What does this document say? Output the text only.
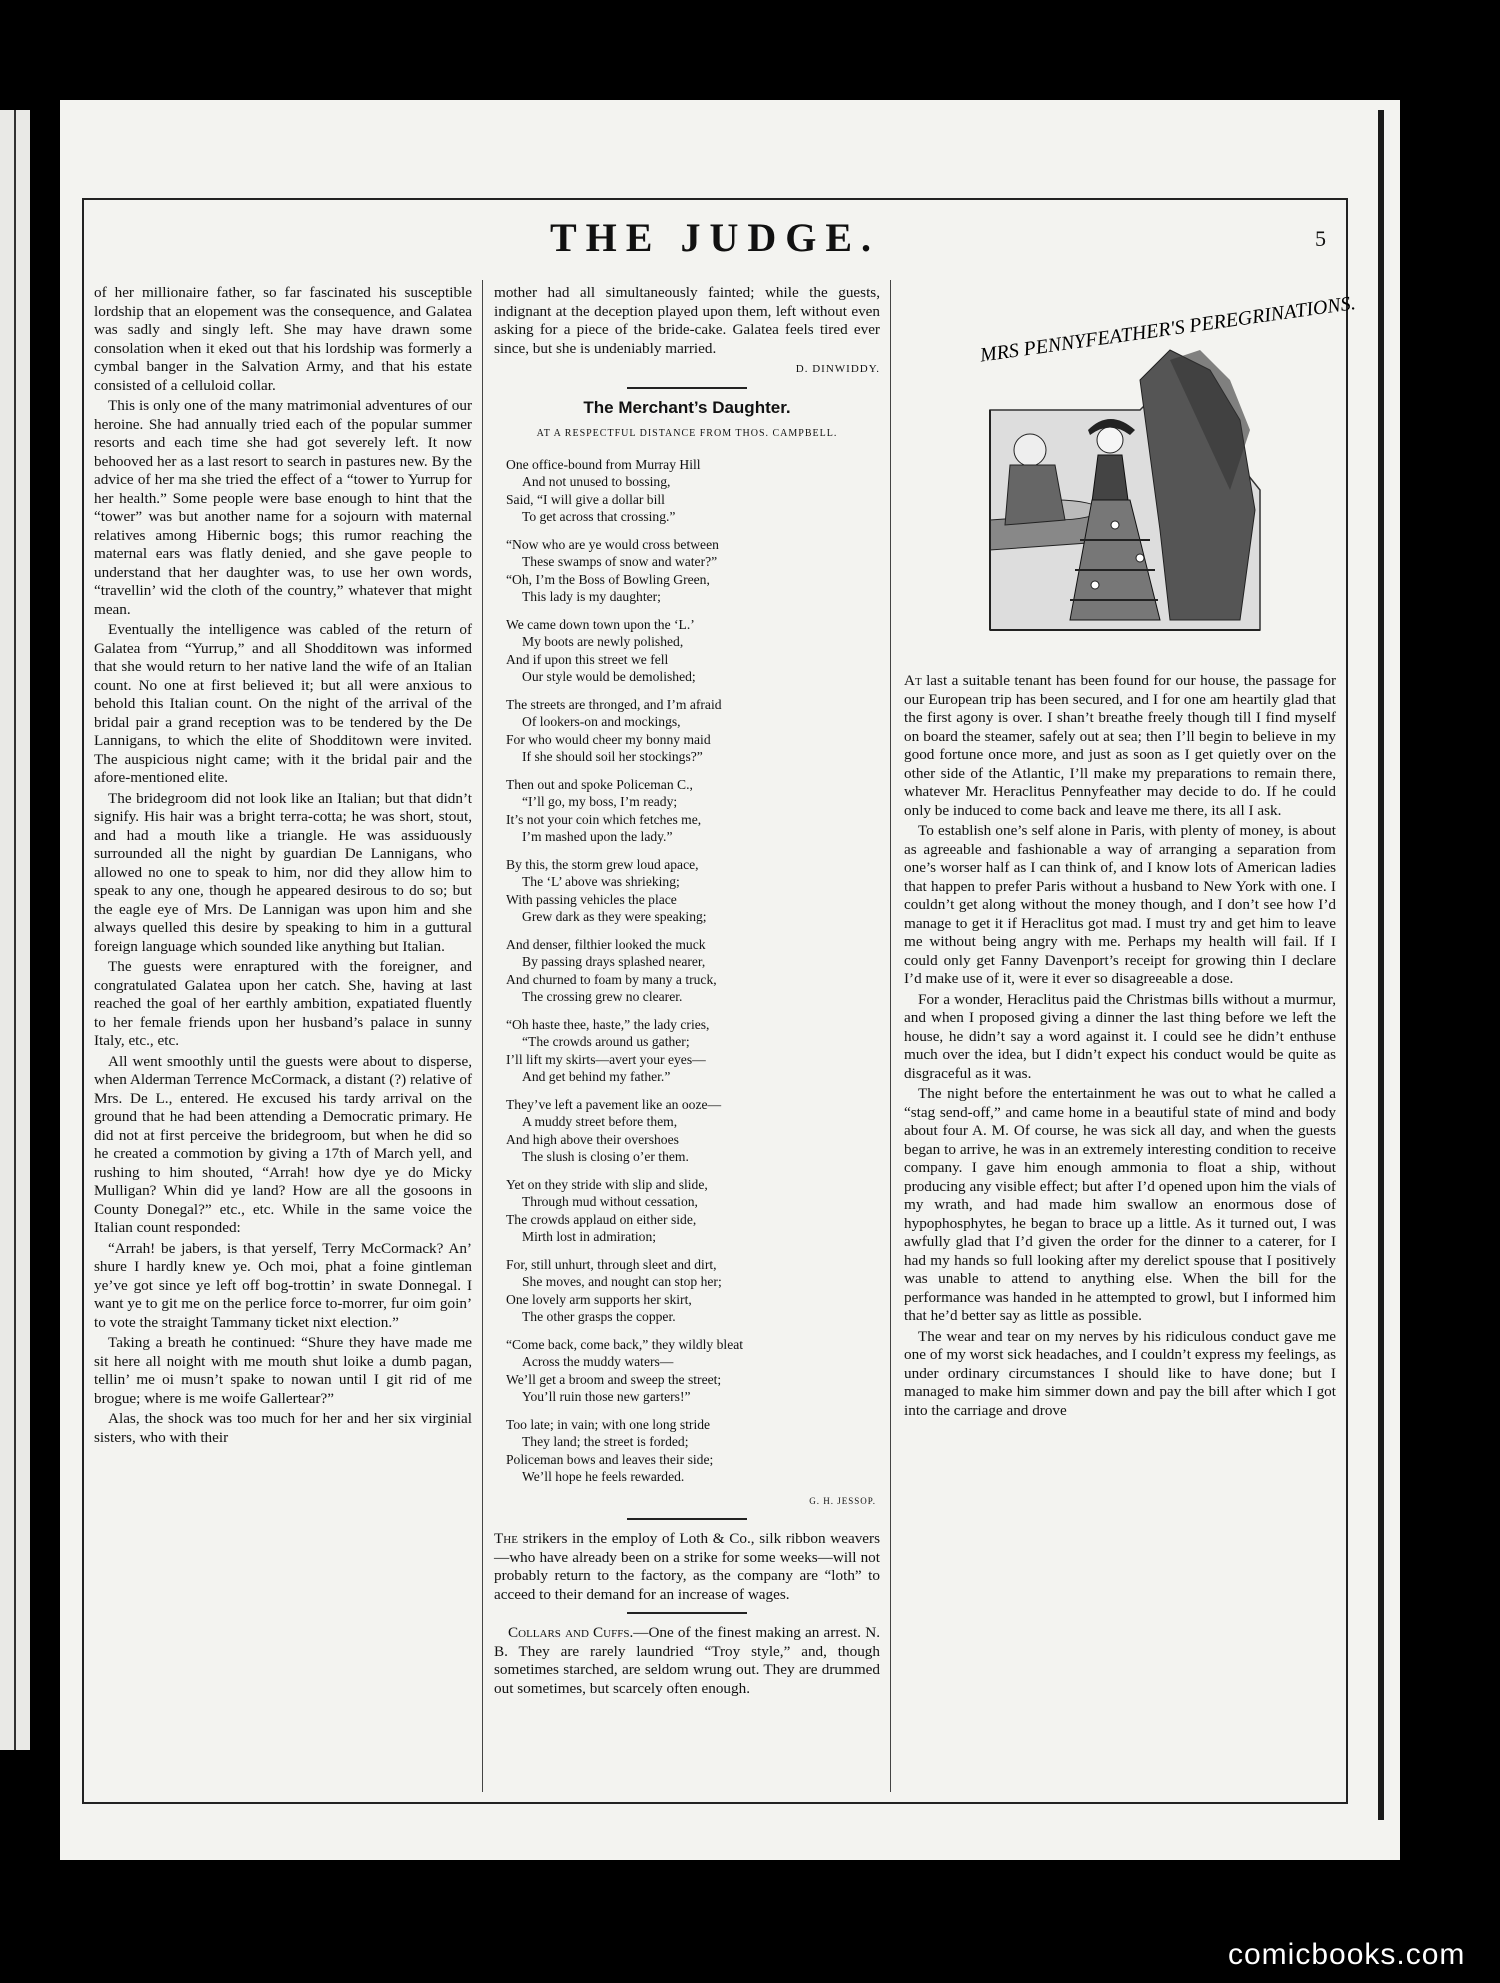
THE JUDGE.	5

of her millionaire father, so far fascinated his susceptible lordship that an elopement was the consequence, and Galatea was sadly and singly left. She may have drawn some consolation when it eked out that his lordship was formerly a cymbal banger in the Salvation Army, and that his estate consisted of a celluloid collar.

This is only one of the many matrimonial adventures of our heroine. She had annually tried each of the popular summer resorts and each time she had got severely left. It now behooved her as a last resort to search in pastures new. By the advice of her ma she tried the effect of a “tower to Yurrup for her health.” Some people were base enough to hint that the “tower” was but another name for a sojourn with maternal relatives among Hibernic bogs; this rumor reaching the maternal ears was flatly denied, and she gave people to understand that her daughter was, to use her own words, “travellin’ wid the cloth of the country,” whatever that might mean.

Eventually the intelligence was cabled of the return of Galatea from “Yurrup,” and all Shodditown was informed that she would return to her native land the wife of an Italian count. No one at first believed it; but all were anxious to behold this Italian count. On the night of the arrival of the bridal pair a grand reception was to be tendered by the De Lannigans, to which the elite of Shodditown were invited. The auspicious night came; with it the bridal pair and the afore-mentioned elite.

The bridegroom did not look like an Italian; but that didn’t signify. His hair was a bright terra-cotta; he was short, stout, and had a mouth like a triangle. He was assiduously surrounded all the night by guardian De Lannigans, who allowed no one to speak to him, nor did they allow him to speak to any one, though he appeared desirous to do so; but the eagle eye of Mrs. De Lannigan was upon him and she always quelled this desire by speaking to him in a guttural foreign language which sounded like anything but Italian.

The guests were enraptured with the foreigner, and congratulated Galatea upon her catch. She, having at last reached the goal of her earthly ambition, expatiated fluently to her female friends upon her husband’s palace in sunny Italy, etc., etc.

All went smoothly until the guests were about to disperse, when Alderman Terrence McCormack, a distant (?) relative of Mrs. De L., entered. He excused his tardy arrival on the ground that he had been attending a Democratic primary. He did not at first perceive the bridegroom, but when he did so he created a commotion by giving a 17th of March yell, and rushing to him shouted, “Arrah! how dye ye do Micky Mulligan? Whin did ye land? How are all the gosoons in County Donegal?” etc., etc. While in the same voice the Italian count responded:

“Arrah! be jabers, is that yerself, Terry McCormack? An’ shure I hardly knew ye. Och moi, phat a foine gintleman ye’ve got since ye left off bog-trottin’ in swate Donnegal. I want ye to git me on the perlice force to-morrer, fur oim goin’ to vote the straight Tammany ticket nixt election.”

Taking a breath he continued: “Shure they have made me sit here all noight with me mouth shut loike a dumb pagan, tellin’ me oi musn’t spake to nowan until I git rid of me brogue; where is me woife Gallertear?”

Alas, the shock was too much for her and her six virginial sisters, who with their

mother had all simultaneously fainted; while the guests, indignant at the deception played upon them, left without even asking for a piece of the bride-cake. Galatea feels tired ever since, but she is undeniably married.

D. DINWIDDY.
The Merchant’s Daughter.
AT A RESPECTFUL DISTANCE FROM THOS. CAMPBELL.
One office-bound from Murray Hill
And not unused to bossing,
Said, “I will give a dollar bill
To get across that crossing.”
“Now who are ye would cross between
These swamps of snow and water?”
“Oh, I’m the Boss of Bowling Green,
This lady is my daughter;
We came down town upon the ‘L.’
My boots are newly polished,
And if upon this street we fell
Our style would be demolished;
The streets are thronged, and I’m afraid
Of lookers-on and mockings,
For who would cheer my bonny maid
If she should soil her stockings?”
Then out and spoke Policeman C.,
“I’ll go, my boss, I’m ready;
It’s not your coin which fetches me,
I’m mashed upon the lady.”
By this, the storm grew loud apace,
The ‘L’ above was shrieking;
With passing vehicles the place
Grew dark as they were speaking;
And denser, filthier looked the muck
By passing drays splashed nearer,
And churned to foam by many a truck,
The crossing grew no clearer.
“Oh haste thee, haste,” the lady cries,
“The crowds around us gather;
I’ll lift my skirts—avert your eyes—
And get behind my father.”
They’ve left a pavement like an ooze—
A muddy street before them,
And high above their overshoes
The slush is closing o’er them.
Yet on they stride with slip and slide,
Through mud without cessation,
The crowds applaud on either side,
Mirth lost in admiration;
For, still unhurt, through sleet and dirt,
She moves, and nought can stop her;
One lovely arm supports her skirt,
The other grasps the copper.
“Come back, come back,” they wildly bleat
Across the muddy waters—
We’ll get a broom and sweep the street;
You’ll ruin those new garters!”
Too late; in vain; with one long stride
They land; the street is forded;
Policeman bows and leaves their side;
We’ll hope he feels rewarded.
G. H. JESSOP.

The strikers in the employ of Loth & Co., silk ribbon weavers—who have already been on a strike for some weeks—will not probably return to the factory, as the company are “loth” to acceed to their demand for an increase of wages.

Collars and Cuffs.—One of the finest making an arrest. N. B. They are rarely laundried “Troy style,” and, though sometimes starched, are seldom wrung out. They are drummed out sometimes, but scarcely often enough.

MRS PENNYFEATHER'S PEREGRINATIONS.

At last a suitable tenant has been found for our house, the passage for our European trip has been secured, and I for one am heartily glad that the first agony is over. I shan’t breathe freely though till I find myself on board the steamer, safely out at sea; then I’ll begin to believe in my good fortune once more, and just as soon as I get quietly over on the other side of the Atlantic, I’ll make my preparations to remain there, whatever Mr. Heraclitus Pennyfeather may decide to do. If he could only be induced to come back and leave me there, its all I ask.

To establish one’s self alone in Paris, with plenty of money, is about as agreeable and fashionable a way of arranging a separation from one’s worser half as I can think of, and I know lots of American ladies that happen to prefer Paris without a husband to New York with one. I couldn’t get along without the money though, and I don’t see how I’d manage to get it if Heraclitus got mad. I must try and get him to leave me without being angry with me. Perhaps my health will fail. If I could only get Fanny Davenport’s receipt for growing thin I declare I’d make use of it, were it ever so disagreeable a dose.

For a wonder, Heraclitus paid the Christmas bills without a murmur, and when I proposed giving a dinner the last thing before we left the house, he didn’t say a word against it. I could see he didn’t enthuse much over the idea, but I didn’t expect his conduct would be quite as disgraceful as it was.

The night before the entertainment he was out to what he called a “stag send-off,” and came home in a beautiful state of mind and body about four A. M. Of course, he was sick all day, and when the guests began to arrive, he was in an extremely interesting condition to receive company. I gave him enough ammonia to float a ship, without producing any visible effect; but after I’d opened upon him the vials of my wrath, and had made him swallow an enormous dose of hypophosphytes, he began to brace up a little. As it turned out, I was awfully glad that I’d given the order for the dinner to a caterer, for I had my hands so full looking after my derelict spouse that I positively was unable to attend to anything else. When the bill for the performance was handed in he attempted to growl, but I informed him that he’d better say as little as possible.

The wear and tear on my nerves by his ridiculous conduct gave me one of my worst sick headaches, and I couldn’t express my feelings, as under ordinary circumstances I should like to have done; but I managed to make him simmer down and pay the bill after which I got into the carriage and drove

comicbooks.com
